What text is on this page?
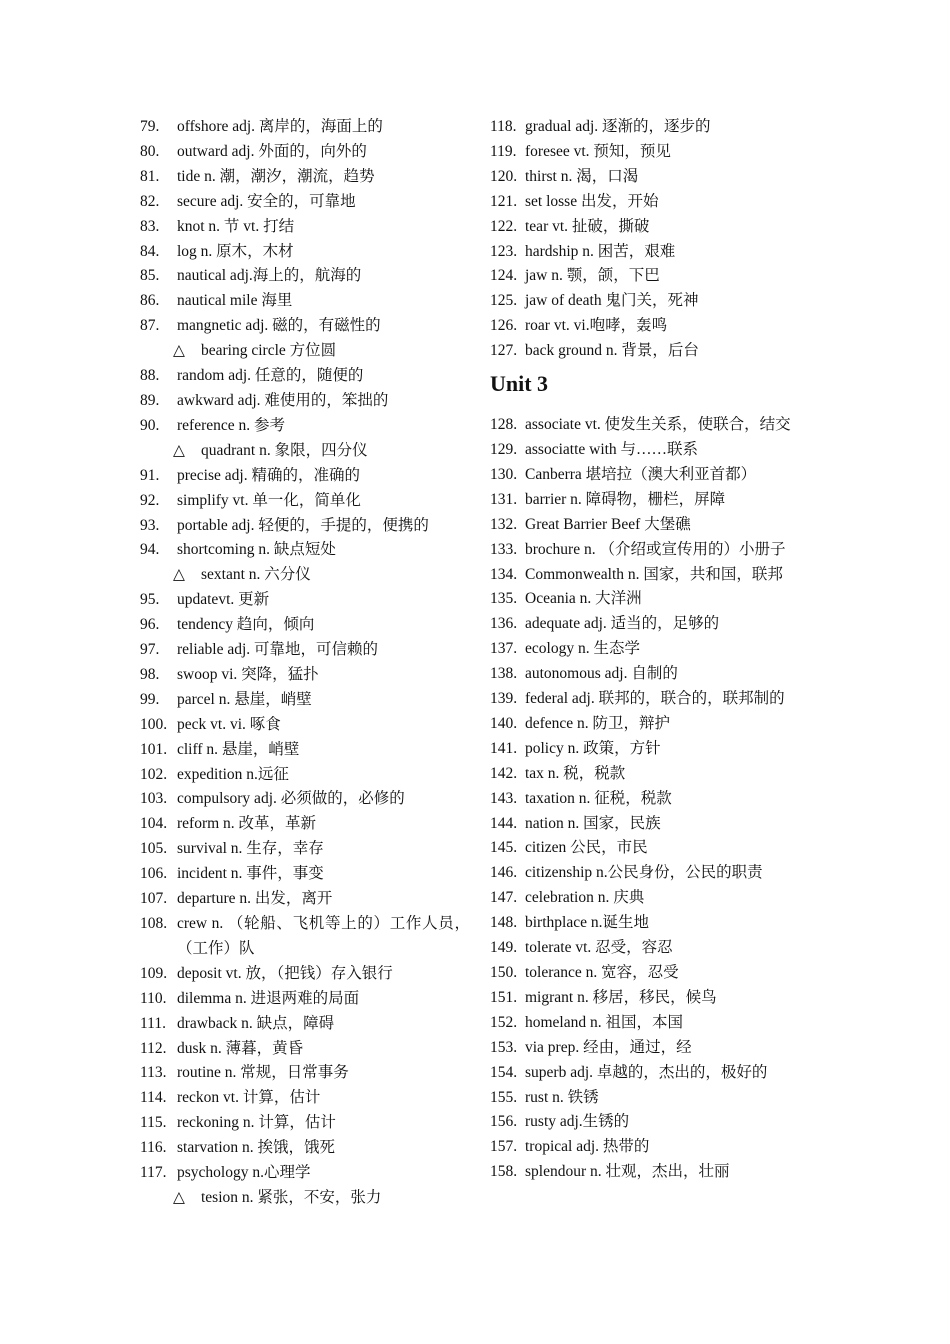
79.	offshore adj. 离岸的，海面上的
80.	outward adj. 外面的，向外的
81.	tide n. 潮，潮汐，潮流，趋势
82.	secure adj. 安全的，可靠地
83.	knot n. 节 vt. 打结
84.	log n. 原木，木材
85.	nautical adj.海上的，航海的
86.	nautical mile 海里
87.	mangnetic adj. 磁的，有磁性的
△ bearing circle 方位圆
88.	random adj. 任意的，随便的
89.	awkward adj. 难使用的，笨拙的
90.	reference n. 参考
△ quadrant n. 象限，四分仪
91.	precise adj. 精确的，准确的
92.	simplify vt. 单一化，简单化
93.	portable adj. 轻便的，手提的，便携的
94.	shortcoming n. 缺点短处
△ sextant n. 六分仪
95.	updatevt. 更新
96.	tendency 趋向，倾向
97.	reliable adj. 可靠地，可信赖的
98.	swoop vi. 突降，猛扑
99.	parcel n. 悬崖，峭壁
100. peck vt. vi. 啄食
101. cliff n. 悬崖，峭壁
102. expedition n.远征
103. compulsory adj. 必须做的，必修的
104. reform n. 改革，革新
105. survival n. 生存，幸存
106. incident n. 事件，事变
107. departure n. 出发，离开
108. crew n. （轮船、飞机等上的）工作人员，（工作）队
109. deposit vt. 放，（把钱）存入银行
110. dilemma n. 进退两难的局面
111. drawback n. 缺点，障碍
112. dusk n. 薄暮，黄昏
113. routine n. 常规，日常事务
114. reckon vt. 计算，估计
115. reckoning n. 计算，估计
116. starvation n. 挨饿，饿死
117. psychology n.心理学
△ tesion n. 紧张，不安，张力
118. gradual adj. 逐渐的，逐步的
119. foresee vt. 预知，预见
120. thirst n. 渴，口渴
121. set losse 出发，开始
122. tear vt. 扯破，撕破
123. hardship n. 困苦，艰难
124. jaw n. 颚，颌，下巴
125. jaw of death 鬼门关，死神
126. roar vt. vi.咆哮，轰鸣
127. back ground n. 背景，后台
Unit 3
128. associate vt. 使发生关系，使联合，结交
129. associatte with 与……联系
130. Canberra 堪培拉（澳大利亚首都）
131. barrier n. 障碍物，栅栏，屏障
132. Great Barrier Beef 大堡礁
133. brochure n. （介绍或宣传用的）小册子
134. Commonwealth n. 国家，共和国，联邦
135. Oceania n. 大洋洲
136. adequate adj. 适当的，足够的
137. ecology n. 生态学
138. autonomous adj. 自制的
139. federal adj. 联邦的，联合的，联邦制的
140. defence n. 防卫，辩护
141. policy n. 政策，方针
142. tax n. 税，税款
143. taxation n. 征税，税款
144. nation n. 国家，民族
145. citizen 公民，市民
146. citizenship n.公民身份，公民的职责
147. celebration n. 庆典
148. birthplace n.诞生地
149. tolerate vt. 忍受，容忍
150. tolerance n. 宽容，忍受
151. migrant n. 移居，移民，候鸟
152. homeland n. 祖国，本国
153. via prep. 经由，通过，经
154. superb adj. 卓越的，杰出的，极好的
155. rust n. 铁锈
156. rusty adj.生锈的
157. tropical adj. 热带的
158. splendour n. 壮观，杰出，壮丽
